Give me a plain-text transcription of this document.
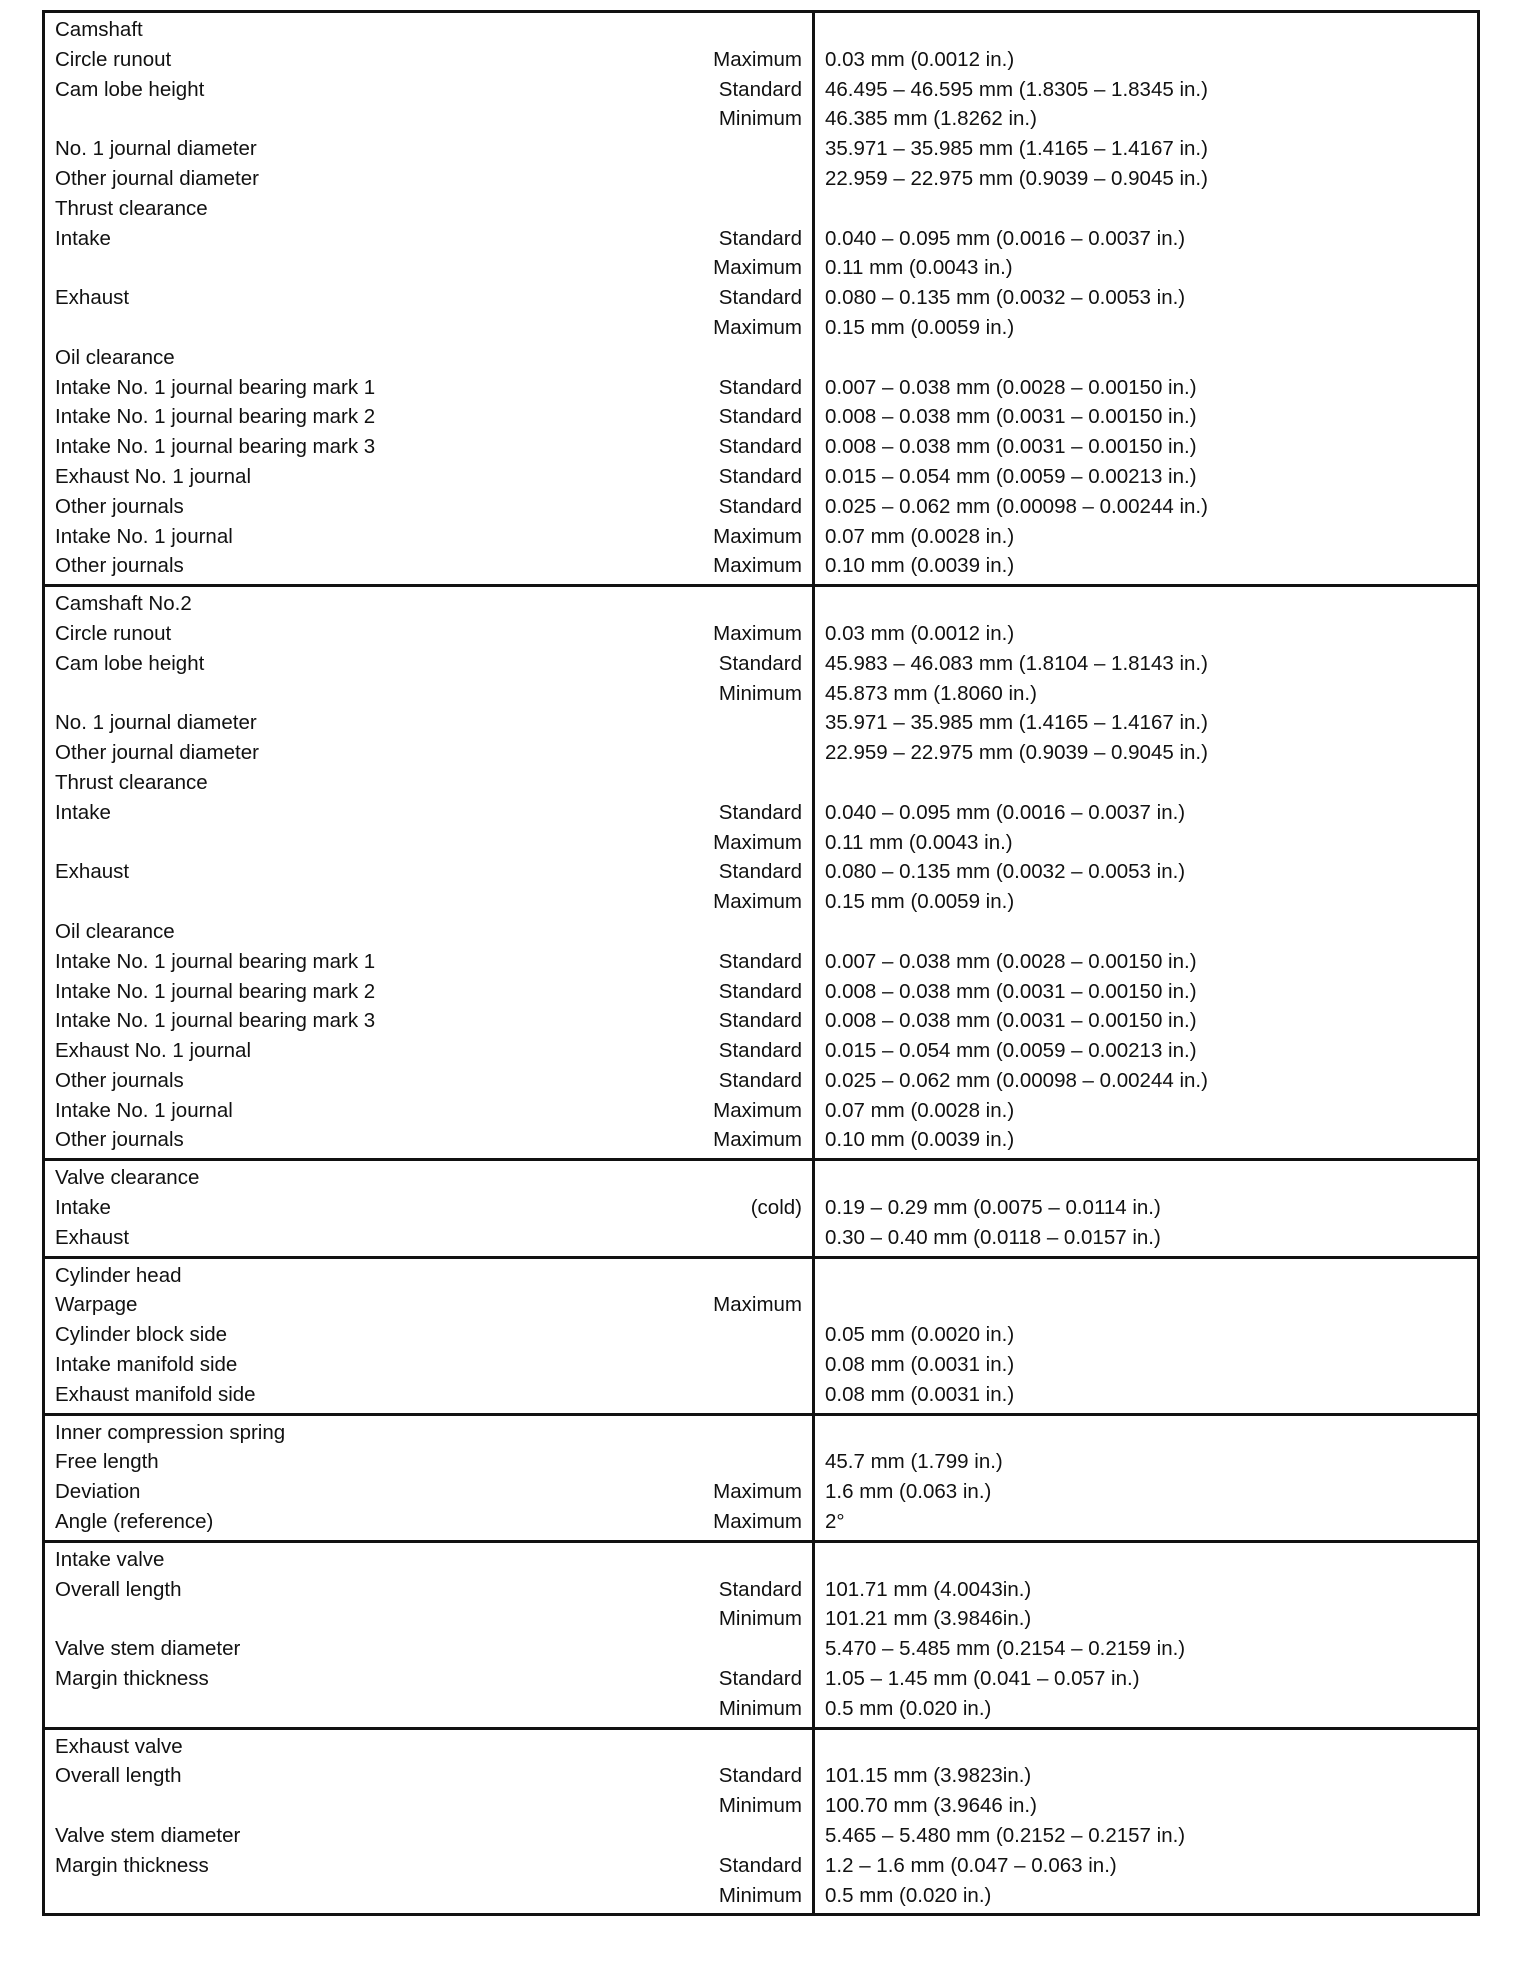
Camshaft		
Circle runout	Maximum	0.03 mm (0.0012 in.)
Cam lobe height	Standard	46.495 – 46.595 mm (1.8305 – 1.8345 in.)
	Minimum	46.385 mm (1.8262 in.)
No. 1 journal diameter		35.971 – 35.985 mm (1.4165 – 1.4167 in.)
Other journal diameter		22.959 – 22.975 mm (0.9039 – 0.9045 in.)
Thrust clearance		
Intake	Standard	0.040 – 0.095 mm (0.0016 – 0.0037 in.)
	Maximum	0.11 mm (0.0043 in.)
Exhaust	Standard	0.080 – 0.135 mm (0.0032 – 0.0053 in.)
	Maximum	0.15 mm (0.0059 in.)
Oil clearance		
Intake No. 1 journal bearing mark 1	Standard	0.007 – 0.038 mm (0.0028 – 0.00150 in.)
Intake No. 1 journal bearing mark 2	Standard	0.008 – 0.038 mm (0.0031 – 0.00150 in.)
Intake No. 1 journal bearing mark 3	Standard	0.008 – 0.038 mm (0.0031 – 0.00150 in.)
Exhaust No. 1 journal	Standard	0.015 – 0.054 mm (0.0059 – 0.00213 in.)
Other journals	Standard	0.025 – 0.062 mm (0.00098 – 0.00244 in.)
Intake No. 1 journal	Maximum	0.07 mm (0.0028 in.)
Other journals	Maximum	0.10 mm (0.0039 in.)
Camshaft No.2		
Circle runout	Maximum	0.03 mm (0.0012 in.)
Cam lobe height	Standard	45.983 – 46.083 mm (1.8104 – 1.8143 in.)
	Minimum	45.873 mm (1.8060 in.)
No. 1 journal diameter		35.971 – 35.985 mm (1.4165 – 1.4167 in.)
Other journal diameter		22.959 – 22.975 mm (0.9039 – 0.9045 in.)
Thrust clearance		
Intake	Standard	0.040 – 0.095 mm (0.0016 – 0.0037 in.)
	Maximum	0.11 mm (0.0043 in.)
Exhaust	Standard	0.080 – 0.135 mm (0.0032 – 0.0053 in.)
	Maximum	0.15 mm (0.0059 in.)
Oil clearance		
Intake No. 1 journal bearing mark 1	Standard	0.007 – 0.038 mm (0.0028 – 0.00150 in.)
Intake No. 1 journal bearing mark 2	Standard	0.008 – 0.038 mm (0.0031 – 0.00150 in.)
Intake No. 1 journal bearing mark 3	Standard	0.008 – 0.038 mm (0.0031 – 0.00150 in.)
Exhaust No. 1 journal	Standard	0.015 – 0.054 mm (0.0059 – 0.00213 in.)
Other journals	Standard	0.025 – 0.062 mm (0.00098 – 0.00244 in.)
Intake No. 1 journal	Maximum	0.07 mm (0.0028 in.)
Other journals	Maximum	0.10 mm (0.0039 in.)
Valve clearance		
Intake	(cold)	0.19 – 0.29 mm (0.0075 – 0.0114 in.)
Exhaust		0.30 – 0.40 mm (0.0118 – 0.0157 in.)
Cylinder head		
Warpage	Maximum	
Cylinder block side		0.05 mm (0.0020 in.)
Intake manifold side		0.08 mm (0.0031 in.)
Exhaust manifold side		0.08 mm (0.0031 in.)
Inner compression spring		
Free length		45.7 mm (1.799 in.)
Deviation	Maximum	1.6 mm (0.063 in.)
Angle (reference)	Maximum	2°
Intake valve		
Overall length	Standard	101.71 mm (4.0043in.)
	Minimum	101.21 mm (3.9846in.)
Valve stem diameter		5.470 – 5.485 mm (0.2154 – 0.2159 in.)
Margin thickness	Standard	1.05 – 1.45 mm (0.041 – 0.057 in.)
	Minimum	0.5 mm (0.020 in.)
Exhaust valve		
Overall length	Standard	101.15 mm (3.9823in.)
	Minimum	100.70 mm (3.9646 in.)
Valve stem diameter		5.465 – 5.480 mm (0.2152 – 0.2157 in.)
Margin thickness	Standard	1.2 – 1.6 mm (0.047 – 0.063 in.)
	Minimum	0.5 mm (0.020 in.)
